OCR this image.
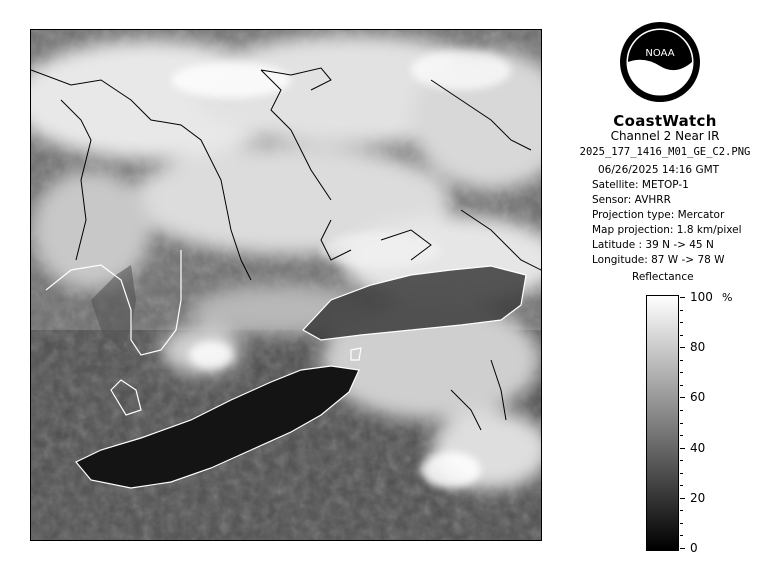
NOAA
CoastWatch
Channel 2 Near IR
2025_177_1416_M01_GE_C2.PNG
06/26/2025 14:16 GMT
Satellite: METOP-1
Sensor: AVHRR
Projection type: Mercator
Map projection: 1.8 km/pixel
Latitude : 39 N -> 45 N
Longitude: 87 W -> 78 W
Reflectance
%
100
80
60
40
20
0
